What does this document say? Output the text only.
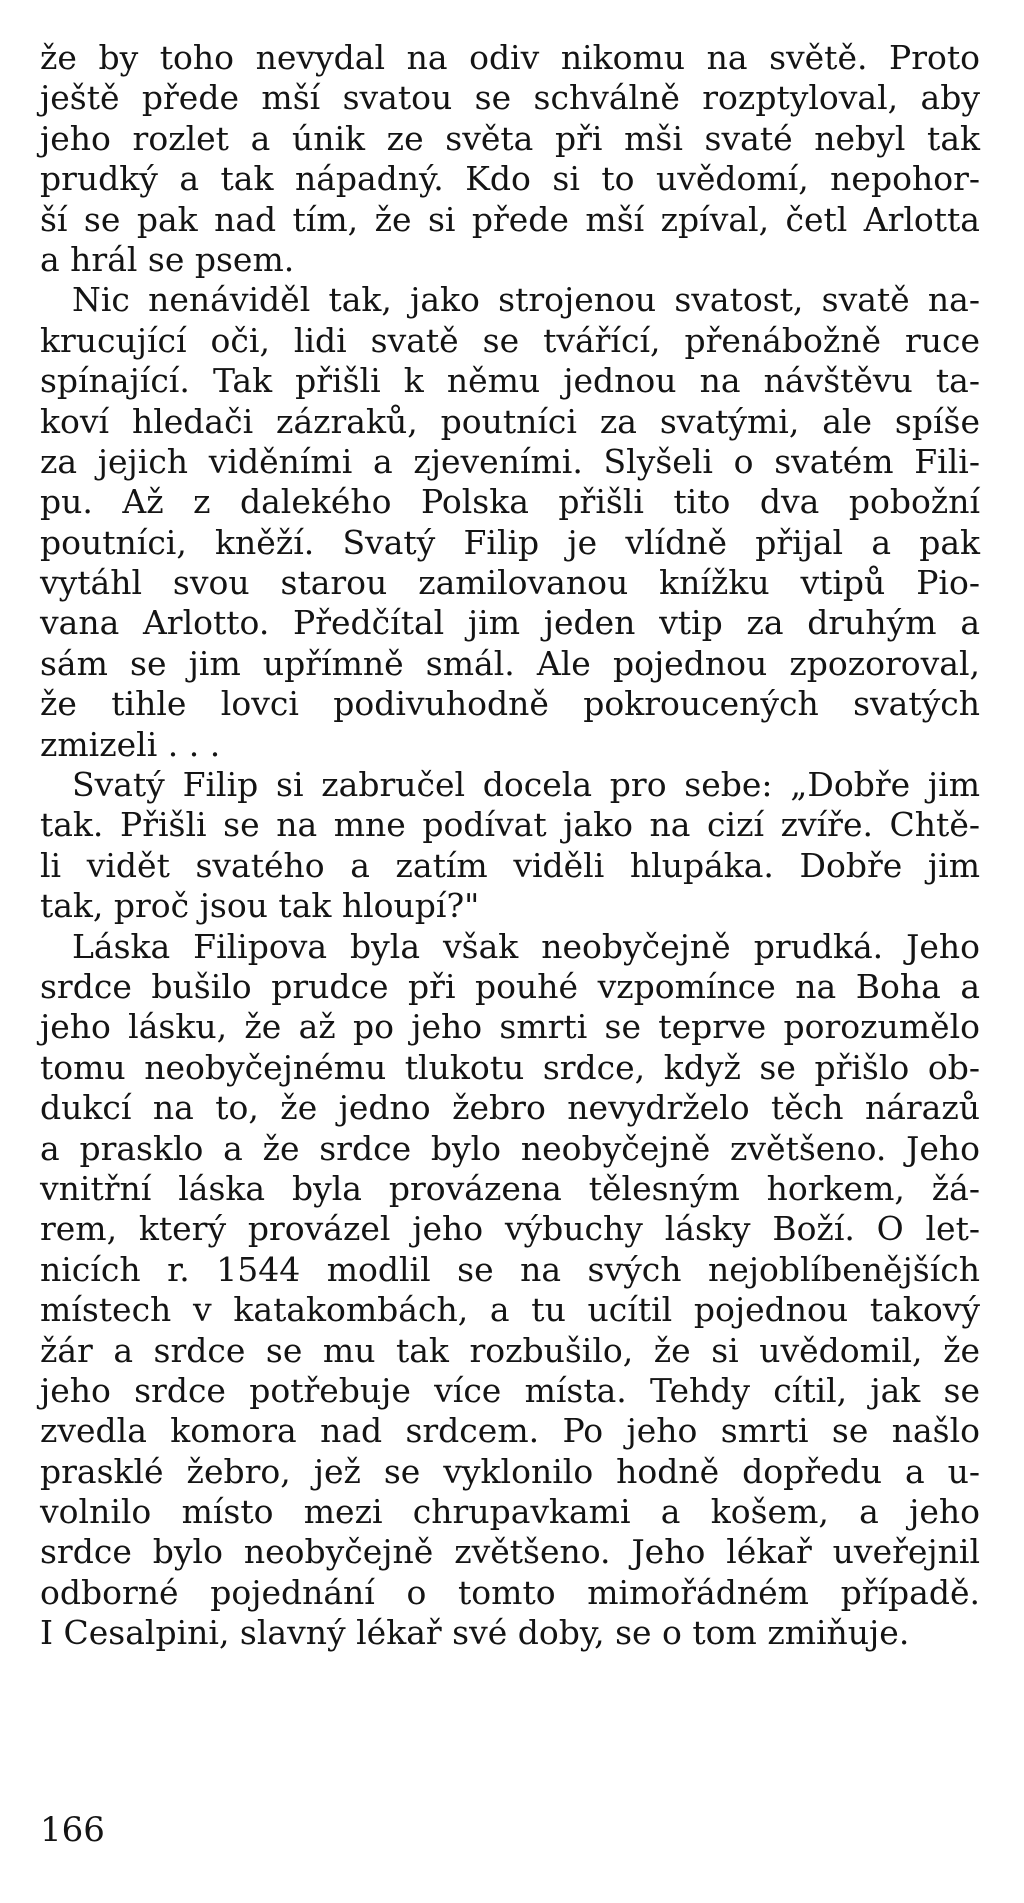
že by toho nevydal na odiv nikomu na světě. Proto
ještě přede mší svatou se schválně rozptyloval, aby
jeho rozlet a únik ze světa při mši svaté nebyl tak
prudký a tak nápadný. Kdo si to uvědomí, nepohor-
ší se pak nad tím, že si přede mší zpíval, četl Arlotta
a hrál se psem.
Nic nenáviděl tak, jako strojenou svatost, svatě na-
krucující oči, lidi svatě se tvářící, přenábožně ruce
spínající. Tak přišli k němu jednou na návštěvu ta-
koví hledači zázraků, poutníci za svatými, ale spíše
za jejich viděními a zjeveními. Slyšeli o svatém Fili-
pu. Až z dalekého Polska přišli tito dva pobožní
poutníci, kněží. Svatý Filip je vlídně přijal a pak
vytáhl svou starou zamilovanou knížku vtipů Pio-
vana Arlotto. Předčítal jim jeden vtip za druhým a
sám se jim upřímně smál. Ale pojednou zpozoroval,
že tihle lovci podivuhodně pokroucených svatých
zmizeli . . .
Svatý Filip si zabručel docela pro sebe: „Dobře jim
tak. Přišli se na mne podívat jako na cizí zvíře. Chtě-
li vidět svatého a zatím viděli hlupáka. Dobře jim
tak, proč jsou tak hloupí?"
Láska Filipova byla však neobyčejně prudká. Jeho
srdce bušilo prudce při pouhé vzpomínce na Boha a
jeho lásku, že až po jeho smrti se teprve porozumělo
tomu neobyčejnému tlukotu srdce, když se přišlo ob-
dukcí na to, že jedno žebro nevydrželo těch nárazů
a prasklo a že srdce bylo neobyčejně zvětšeno. Jeho
vnitřní láska byla provázena tělesným horkem, žá-
rem, který provázel jeho výbuchy lásky Boží. O let-
nicích r. 1544 modlil se na svých nejoblíbenějších
místech v katakombách, a tu ucítil pojednou takový
žár a srdce se mu tak rozbušilo, že si uvědomil, že
jeho srdce potřebuje více místa. Tehdy cítil, jak se
zvedla komora nad srdcem. Po jeho smrti se našlo
prasklé žebro, jež se vyklonilo hodně dopředu a u-
volnilo místo mezi chrupavkami a košem, a jeho
srdce bylo neobyčejně zvětšeno. Jeho lékař uveřejnil
odborné pojednání o tomto mimořádném případě.
I Cesalpini, slavný lékař své doby, se o tom zmiňuje.
166
